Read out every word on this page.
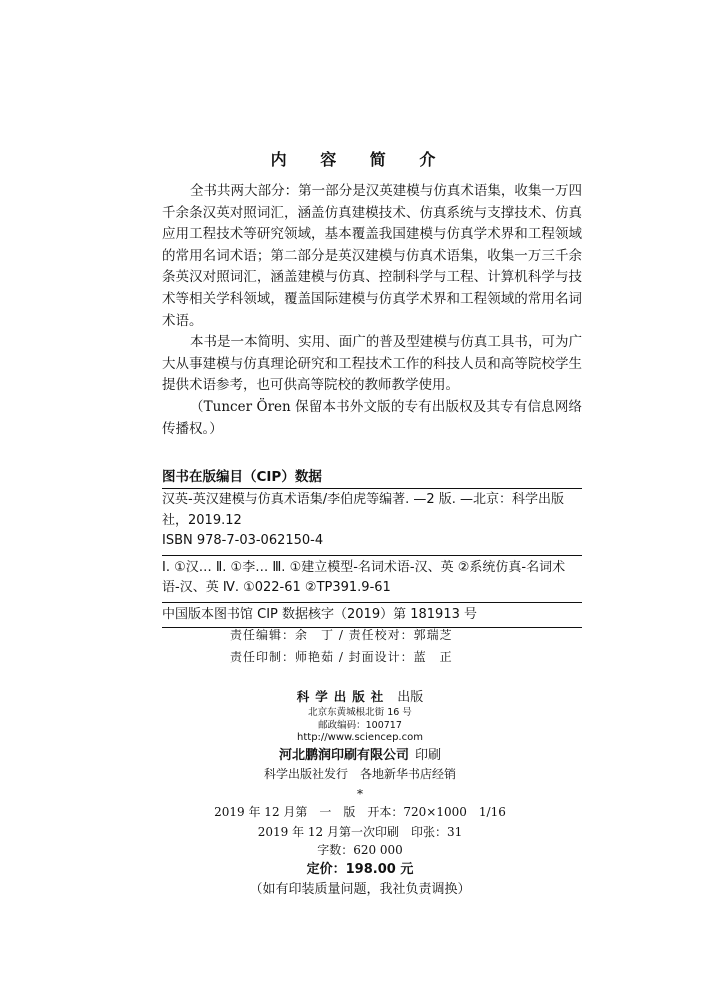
内 容 简 介

全书共两大部分：第一部分是汉英建模与仿真术语集，收集一万四千余条汉英对照词汇，涵盖仿真建模技术、仿真系统与支撑技术、仿真应用工程技术等研究领域，基本覆盖我国建模与仿真学术界和工程领域的常用名词术语；第二部分是英汉建模与仿真术语集，收集一万三千余条英汉对照词汇，涵盖建模与仿真、控制科学与工程、计算机科学与技术等相关学科领域，覆盖国际建模与仿真学术界和工程领域的常用名词术语。

本书是一本简明、实用、面广的普及型建模与仿真工具书，可为广大从事建模与仿真理论研究和工程技术工作的科技人员和高等院校学生提供术语参考，也可供高等院校的教师教学使用。

（Tuncer Ören 保留本书外文版的专有出版权及其专有信息网络传播权。）

图书在版编目（CIP）数据

汉英-英汉建模与仿真术语集/李伯虎等编著. —2 版. —北京：科学出版社，2019.12

ISBN 978-7-03-062150-4

Ⅰ. ①汉… Ⅱ. ①李… Ⅲ. ①建立模型-名词术语-汉、英 ②系统仿真-名词术语-汉、英 Ⅳ. ①022-61 ②TP391.9-61

中国版本图书馆 CIP 数据核字（2019）第 181913 号
责任编辑：余　丁 / 责任校对：郭瑞芝
责任印制：师艳茹 / 封面设计：蓝　正
科学出版社 出版
北京东黄城根北街 16 号
邮政编码：100717
http://www.sciencep.com
河北鹏润印刷有限公司 印刷
科学出版社发行　各地新华书店经销
*
2019 年 12 月第　一　版　开本：720×1000　1/16
2019 年 12 月第一次印刷　印张：31
字数：620 000
定价：198.00 元
（如有印装质量问题，我社负责调换）
